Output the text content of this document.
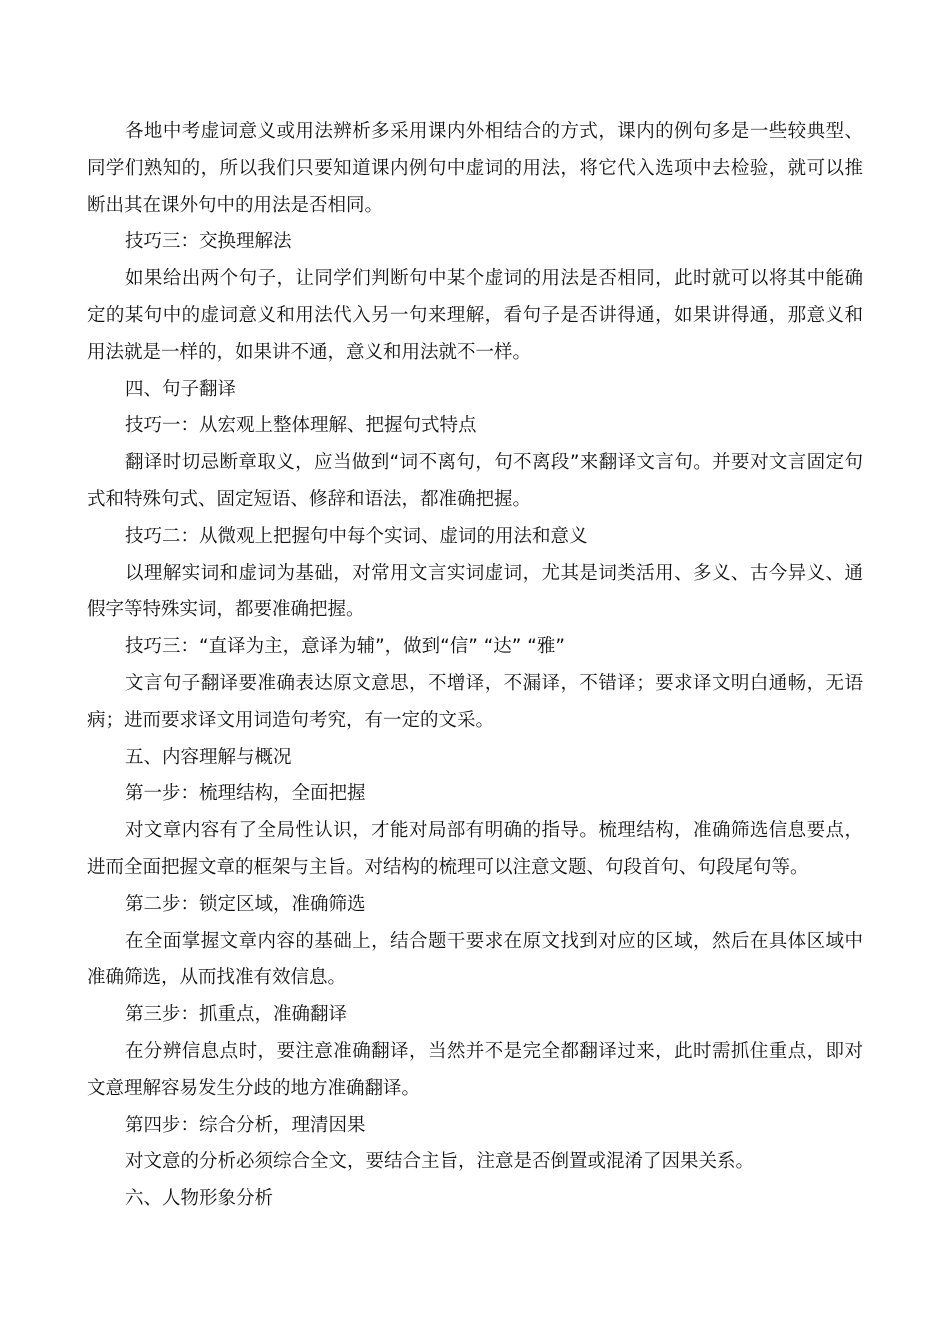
各地中考虚词意义或用法辨析多采用课内外相结合的方式，课内的例句多是一些较典型、同学们熟知的，所以我们只要知道课内例句中虚词的用法，将它代入选项中去检验，就可以推断出其在课外句中的用法是否相同。

技巧三：交换理解法

如果给出两个句子，让同学们判断句中某个虚词的用法是否相同，此时就可以将其中能确定的某句中的虚词意义和用法代入另一句来理解，看句子是否讲得通，如果讲得通，那意义和用法就是一样的，如果讲不通，意义和用法就不一样。

四、句子翻译

技巧一：从宏观上整体理解、把握句式特点

翻译时切忌断章取义，应当做到“词不离句，句不离段”来翻译文言句。并要对文言固定句式和特殊句式、固定短语、修辞和语法，都准确把握。

技巧二：从微观上把握句中每个实词、虚词的用法和意义

以理解实词和虚词为基础，对常用文言实词虚词，尤其是词类活用、多义、古今异义、通假字等特殊实词，都要准确把握。

技巧三：“直译为主，意译为辅”，做到“信” “达” “雅”

文言句子翻译要准确表达原文意思，不增译，不漏译，不错译；要求译文明白通畅，无语病；进而要求译文用词造句考究，有一定的文采。

五、内容理解与概况

第一步：梳理结构，全面把握

对文章内容有了全局性认识，才能对局部有明确的指导。梳理结构，准确筛选信息要点，进而全面把握文章的框架与主旨。对结构的梳理可以注意文题、句段首句、句段尾句等。

第二步：锁定区域，准确筛选

在全面掌握文章内容的基础上，结合题干要求在原文找到对应的区域，然后在具体区域中准确筛选，从而找准有效信息。

第三步：抓重点，准确翻译

在分辨信息点时，要注意准确翻译，当然并不是完全都翻译过来，此时需抓住重点，即对文意理解容易发生分歧的地方准确翻译。

第四步：综合分析，理清因果

对文意的分析必须综合全文，要结合主旨，注意是否倒置或混淆了因果关系。

六、人物形象分析
